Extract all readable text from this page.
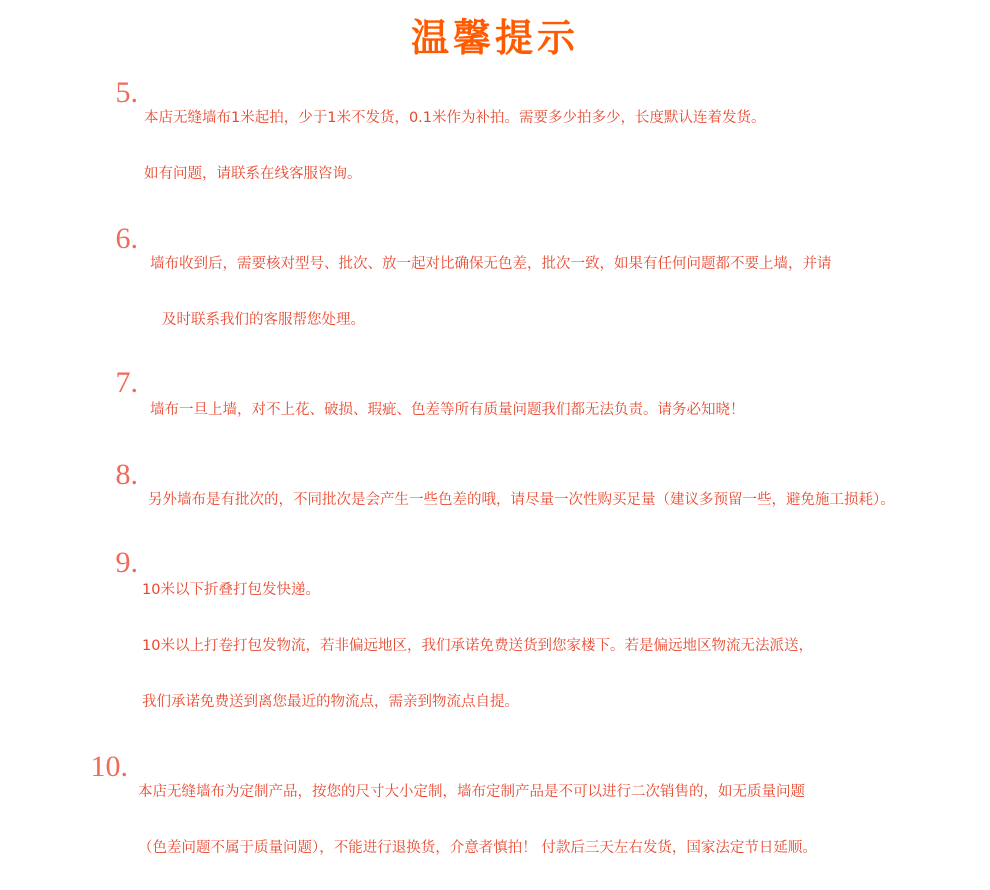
温馨提示
5.

本店无缝墙布1米起拍，少于1米不发货，0.1米作为补拍。需要多少拍多少，长度默认连着发货。

如有问题，请联系在线客服咨询。

6.

墙布收到后，需要核对型号、批次、放一起对比确保无色差，批次一致，如果有任何问题都不要上墙，并请

及时联系我们的客服帮您处理。

7.

墙布一旦上墙，对不上花、破损、瑕疵、色差等所有质量问题我们都无法负责。请务必知晓！

8.

另外墙布是有批次的，不同批次是会产生一些色差的哦，请尽量一次性购买足量（建议多预留一些，避免施工损耗）。

9.

10米以下折叠打包发快递。

10米以上打卷打包发物流，若非偏远地区，我们承诺免费送货到您家楼下。若是偏远地区物流无法派送，

我们承诺免费送到离您最近的物流点，需亲到物流点自提。

10.

本店无缝墙布为定制产品，按您的尺寸大小定制，墙布定制产品是不可以进行二次销售的，如无质量问题

（色差问题不属于质量问题），不能进行退换货，介意者慎拍！ 付款后三天左右发货，国家法定节日延顺。
